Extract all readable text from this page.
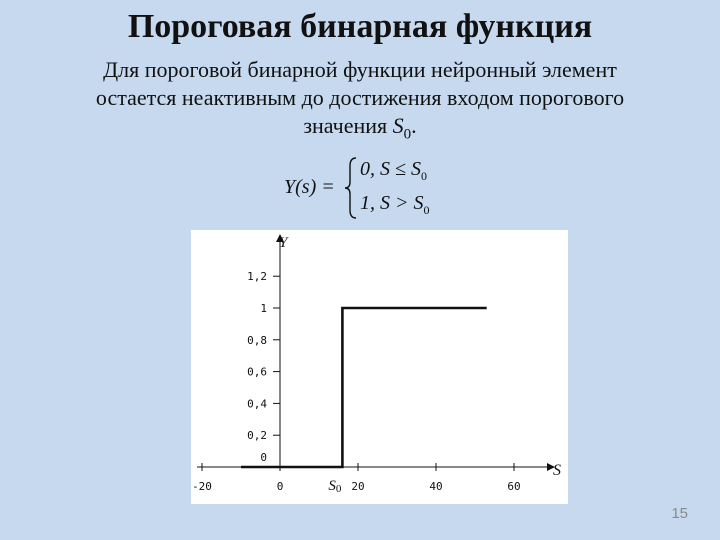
Пороговая бинарная функция
Для пороговой бинарной функции нейронный элемент
остается неактивным до достижения входом порогового
значения $S_0$.
Y(s) =
0, $S \le S_0$
1, $S > S_0$
Y
S
-20	0	20	40	60
0
0,2
0,4
0,6
0,8
1
1,2
S0
15
